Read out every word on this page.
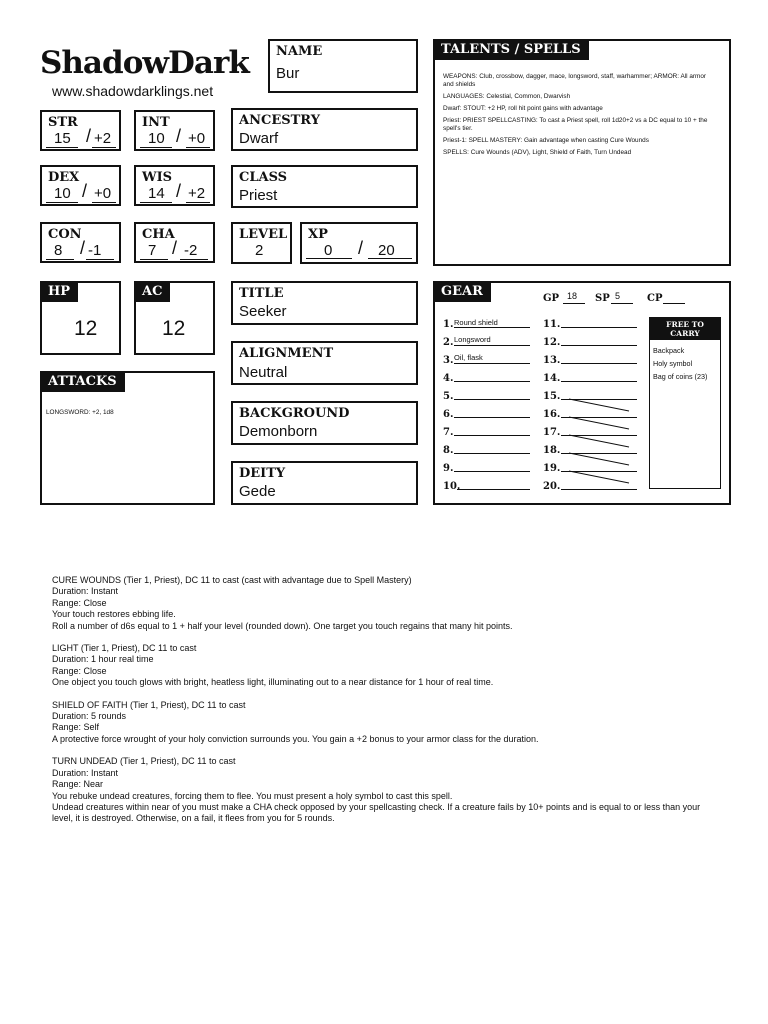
ShadowDark
www.shadowdarklings.net
NAME
Bur
STR
15 / +2
INT
10 / +0
DEX
10 / +0
WIS
14 / +2
CON
8 / -1
CHA
7 / -2
ANCESTRY
Dwarf
CLASS
Priest
LEVEL
2
XP
0 / 20
HP
12
AC
12
TITLE
Seeker
ALIGNMENT
Neutral
BACKGROUND
Demonborn
DEITY
Gede
ATTACKS
LONGSWORD: +2, 1d8
TALENTS / SPELLS
WEAPONS: Club, crossbow, dagger, mace, longsword, staff, warhammer; ARMOR: All armor and shields
LANGUAGES: Celestial, Common, Dwarvish
Dwarf: STOUT: +2 HP, roll hit point gains with advantage
Priest: PRIEST SPELLCASTING: To cast a Priest spell, roll 1d20+2 vs a DC equal to 10 + the spell's tier.
Priest-1: SPELL MASTERY: Gain advantage when casting Cure Wounds
SPELLS: Cure Wounds (ADV), Light, Shield of Faith, Turn Undead
GEAR	GP 18 SP 5	CP
1. Round shield
2. Longsword
3. Oil, flask
4.
5.
6.
7.
8.
9.
10.
11.
12.
13.
14.
15.
16.
17.
18.
19.
20.
FREE TO CARRY
Backpack
Holy symbol
Bag of coins (23)
CURE WOUNDS (Tier 1, Priest), DC 11 to cast (cast with advantage due to Spell Mastery)
Duration: Instant
Range: Close
Your touch restores ebbing life.
Roll a number of d6s equal to 1 + half your level (rounded down). One target you touch regains that many hit points.
LIGHT (Tier 1, Priest), DC 11 to cast
Duration: 1 hour real time
Range: Close
One object you touch glows with bright, heatless light, illuminating out to a near distance for 1 hour of real time.
SHIELD OF FAITH (Tier 1, Priest), DC 11 to cast
Duration: 5 rounds
Range: Self
A protective force wrought of your holy conviction surrounds you. You gain a +2 bonus to your armor class for the duration.
TURN UNDEAD (Tier 1, Priest), DC 11 to cast
Duration: Instant
Range: Near
You rebuke undead creatures, forcing them to flee. You must present a holy symbol to cast this spell.
Undead creatures within near of you must make a CHA check opposed by your spellcasting check. If a creature fails by 10+ points and is equal to or less than your
level, it is destroyed. Otherwise, on a fail, it flees from you for 5 rounds.
